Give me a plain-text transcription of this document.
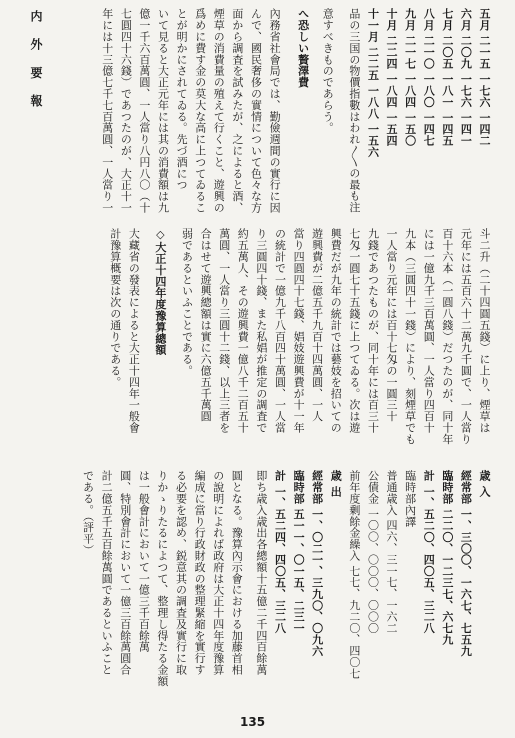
内 外 要 報	五月 二一五 一七六 一四二
六月 二〇九 一七六 一四一
七月 二〇五 一八一 一四五
八月 二一〇 一八〇 一四七
九月 二一七 一八四 一五〇
十月 二二四 一八四 一五四
十一月 二二五 一八八 一五六
品の三国の物價指數はわれ〳〵の最も注
意すべきものであらう。
へ恐しい贅澤費
內務省社會局では、勤儉週間の實行に因
んで、國民奢侈の實情について色々な方
面から調査を試みたが、之によると酒、
煙草の消費量の殖えて行くこと、遊興の
爲めに費す金の莫大な高に上つてゐるこ
とが明かにされてゐる。先づ酒につ
いて見ると大正元年には其の消費額は九
億一千六百萬圓、一人當り八円八〇（十
七圓四十六錢）であつたのが、大正十一
年には十三億七千七百萬圓、一人當り一
斗二升（二十四圓五錢）に上り、煙草は
元年には五百六十二萬九千圓で、一人當り
百十六本（一圓八錢）だつたのが、同十年
には一億九千三百萬圓、一人當り四百十
九本（三圓四十一錢）により、刻煙草でも
一人當り元年には百十七匁の一圓三十
九錢であつたものが、同十年には百三十
七匁一圓七十五錢に上つてゐる。次は遊
興費だが九年の統計では藝妓を招いての
遊興費が二億五千九百十四萬圓、一人
當り四圓四十七錢、娼妓遊興費が十一年
の統計で一億九千八百四十萬圓、一人當
り三圓四十錢、また私娼が推定の調査で
約五萬人、その遊興費一億八千二百五十
萬圓、一人當り三圓十二錢、以上三者を
合はせて遊興總額は實に六億五千萬圓
弱であるといふことである。
◇大正十四年度豫算總額
大藏省の發表によると大正十四年一般會
計豫算概要は次の通りである。
歳 入
經常部 一、三〇〇、一六七、七五九
臨時部 二二〇、一二三七、六七九
計 一、五二〇、四〇五、三二八
臨時部內譯
普通歳入 四六、三一七、一六二
公債金 一〇〇、〇〇〇、〇〇〇
前年度剰餘金繰入 七七、九二〇、四〇七
歳 出
經常部 一、〇二一、三九〇、〇九六
臨時部 五一一、〇一五、二三一
計 一、五二四、四〇五、三二八
即ち歳入歳出各總額十五億二千四百餘萬
圓となる。豫算內示會における加藤首相
の說明によれば政府は大正十四年度豫算
編成に當り行政財政の整理緊縮を實行す
る必要を認め、鋭意其の調査及實行に取
りかゝりたるによつて、整理し得たる金額
は一般會計において一億三千百餘萬
圓、特別會計において一億三百餘萬圓合
計二億五千五百餘萬圓であるといふこと
である。（評平）
135
